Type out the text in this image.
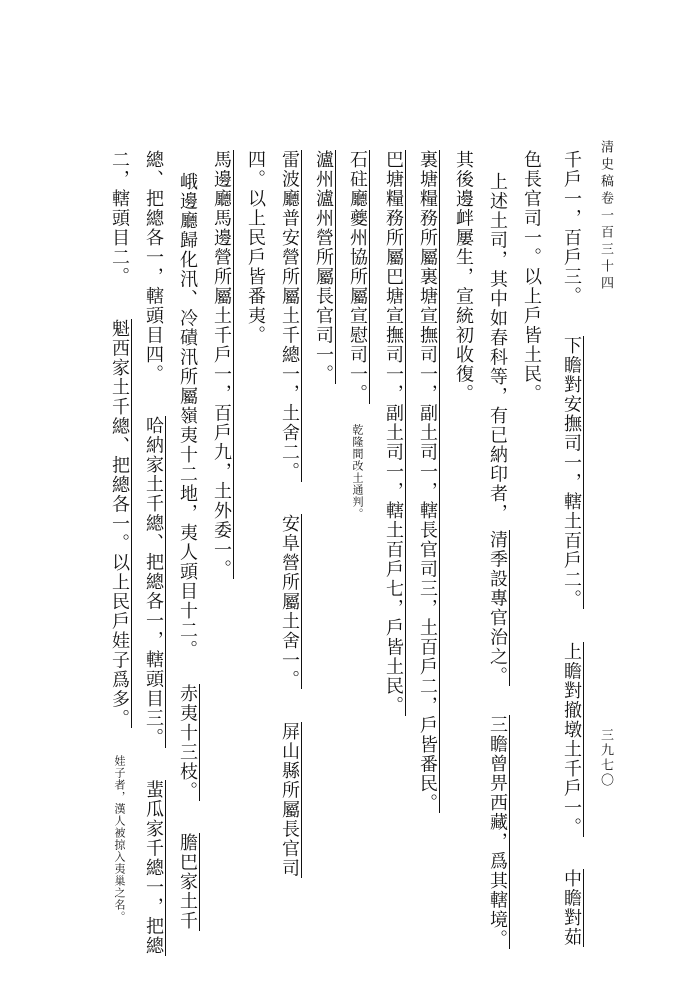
清史稿卷一百三十四
三九七〇
千戶一，百戶三。  下瞻對安撫司一，轄土百戶二。  上瞻對撤墩土千戶一。  中瞻對茹
色長官司一。以上戶皆土民。
上述土司，其中如春科等，有已納印者， 清季設專官治之。  三瞻曾畀西藏，爲其轄境。
其後邊衅屢生，宣統初收復。
裏塘糧務所屬裏塘宣撫司一，副土司一，轄長官司三，土百戶二，戶皆番民。
巴塘糧務所屬巴塘宣撫司一，副土司一，轄土百戶七，戶皆土民。
石砫廳夔州協所屬宣慰司一。  乾隆間改土通判。
瀘州瀘州營所屬長官司一。
雷波廳普安營所屬土千總一，土舍二。  安阜營所屬土舍一。  屏山縣所屬長官司
四。以上民戶皆番夷。
馬邊廳馬邊營所屬土千戶一，百戶九，土外委一。
峨邊廳歸化汛、冷磧汛所屬嶺夷十二地，夷人頭目十二。  赤夷十三枝。  膽巴家土千
總、把總各一，轄頭目四。  哈納家土千總、把總各一，轄頭目三。  蜚瓜家千總一，把總
二，轄頭目二。  魁西家土千總、把總各一。以上民戶娃子爲多。  娃子者，漢人被掠入夷巢之名。
